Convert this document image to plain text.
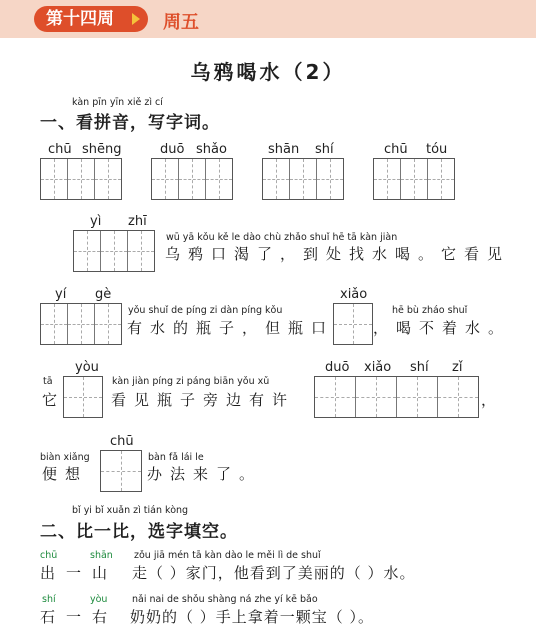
第十四周	周五
乌鸦喝水（2）
kàn pīn yīn xiě zì cí
一、看拼音，写字词。
chū shēng	duō shǎo	shān shí	chū tóu
yì zhī
wū yā kǒu kě le dào chù zhǎo shuǐ hē tā kàn jiàn
乌鸦口渴了，到处找水喝。它看见
yí gè
yǒu shuǐ de píng zi dàn píng kǒu
有水的瓶子，但瓶口
xiǎo
hē bù zháo shuǐ
，喝不着水。
yòu
tā
它
kàn jiàn píng zi páng biān yǒu xǔ
看见瓶子旁边有许
duō xiǎo shí zǐ
，
chū
biàn xiǎng
便想
bàn fǎ lái le
办法来了。
bǐ yi bǐ xuǎn zì tián kòng
二、比一比，选字填空。
chū	shān
出 一 山
zǒu jiā mén tā kàn dào le měi lì de shuǐ
走（ ）家门，他看到了美丽的（ ）水。
shí	yòu
石 一 右
nǎi nai de shǒu shàng ná zhe yí kē bǎo
奶奶的（ ）手上拿着一颗宝（ ）。
